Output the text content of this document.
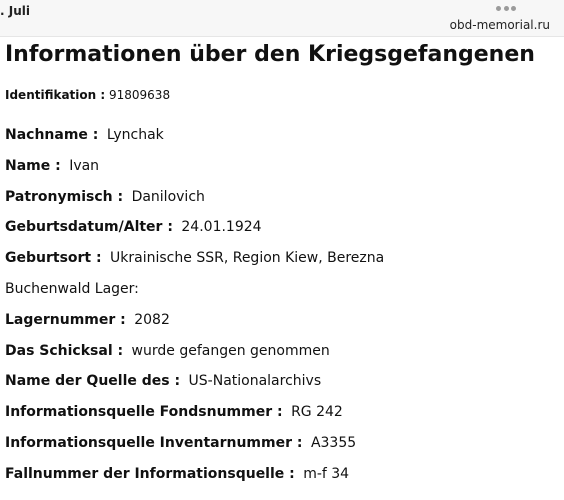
. Juli
obd-memorial.ru
Informationen über den Kriegsgefangenen
Identifikation : 91809638
Nachname : Lynchak
Name : Ivan
Patronymisch : Danilovich
Geburtsdatum/Alter : 24.01.1924
Geburtsort : Ukrainische SSR, Region Kiew, Berezna
Buchenwald Lager:
Lagernummer : 2082
Das Schicksal : wurde gefangen genommen
Name der Quelle des : US-Nationalarchivs
Informationsquelle Fondsnummer : RG 242
Informationsquelle Inventarnummer : A3355
Fallnummer der Informationsquelle : m-f 34
